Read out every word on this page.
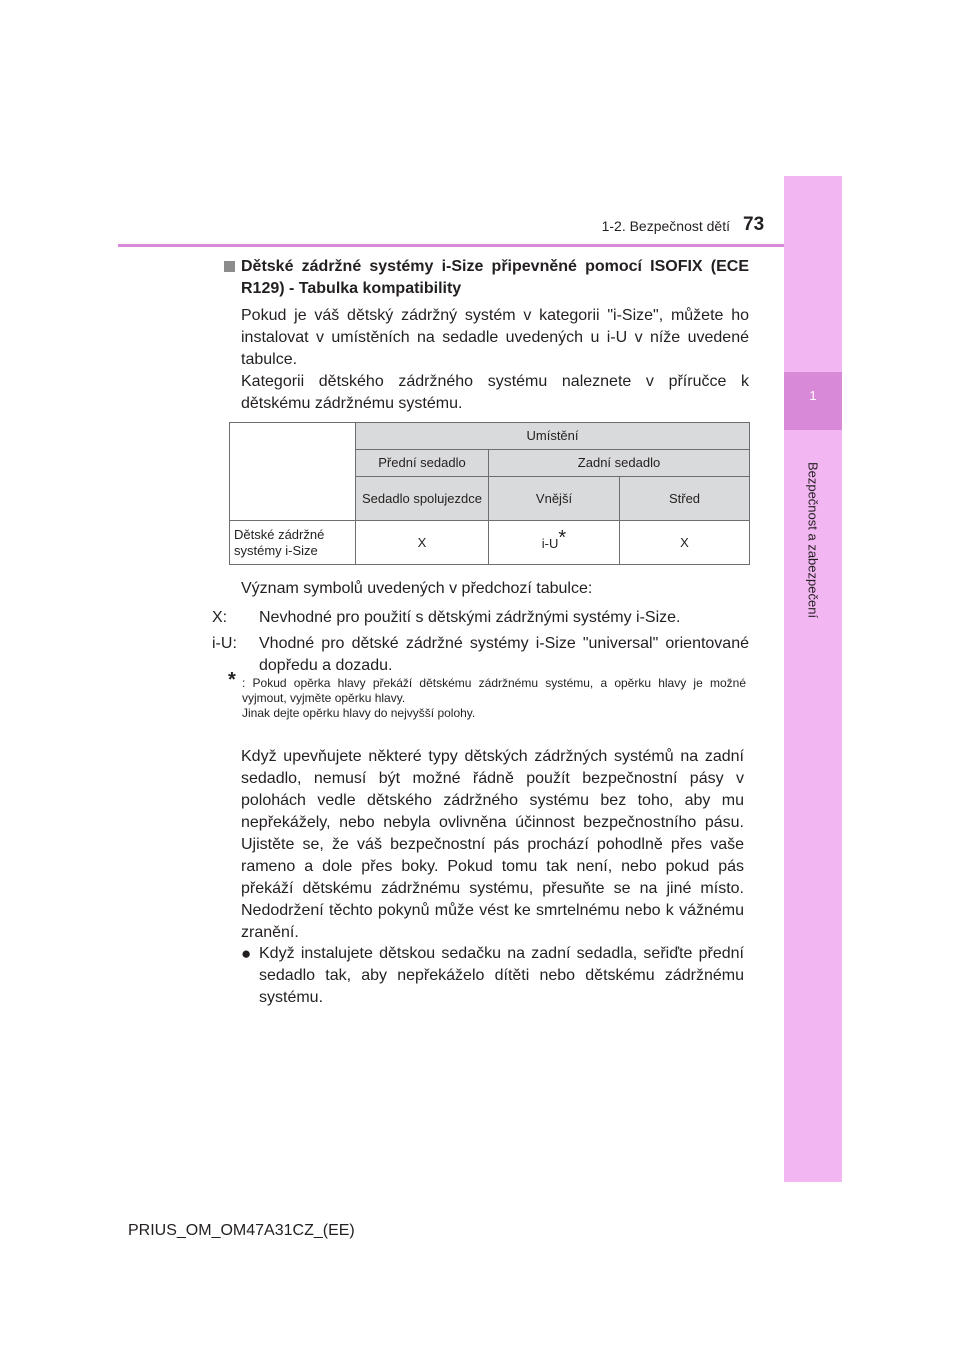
1
Bezpečnost a zabezpečení
1-2. Bezpečnost dětí 73
Dětské zádržné systémy i-Size připevněné pomocí ISOFIX (ECE R129) - Tabulka kompatibility

Pokud je váš dětský zádržný systém v kategorii "i-Size", můžete ho instalovat v umístěních na sedadle uvedených u i-U v níže uvedené tabulce.

Kategorii dětského zádržného systému naleznete v příručce k dětskému zádržnému systému.

	Umístění		
	Přední sedadlo	Zadní sedadlo	
	Sedadlo spolujezdce	Vnější	Střed
Dětské zádržné systémy i-Size	X	i-U*	X

Význam symbolů uvedených v předchozí tabulce:

X: Nevhodné pro použití s dětskými zádržnými systémy i-Size.
i-U: Vhodné pro dětské zádržné systémy i-Size "universal" orientované dopředu a dozadu.
* : Pokud opěrka hlavy překáží dětskému zádržnému systému, a opěrku hlavy je možné vyjmout, vyjměte opěrku hlavy.
Jinak dejte opěrku hlavy do nejvyšší polohy.
Když upevňujete některé typy dětských zádržných systémů na zadní sedadlo, nemusí být možné řádně použít bezpečnostní pásy v polohách vedle dětského zádržného systému bez toho, aby mu nepřekážely, nebo nebyla ovlivněna účinnost bezpečnostního pásu. Ujistěte se, že váš bezpečnostní pás prochází pohodlně přes vaše rameno a dole přes boky. Pokud tomu tak není, nebo pokud pás překáží dětskému zádržnému systému, přesuňte se na jiné místo. Nedodržení těchto pokynů může vést ke smrtelnému nebo k vážnému zranění.
● Když instalujete dětskou sedačku na zadní sedadla, seřiďte přední sedadlo tak, aby nepřekáželo dítěti nebo dětskému zádržnému systému.
PRIUS_OM_OM47A31CZ_(EE)
